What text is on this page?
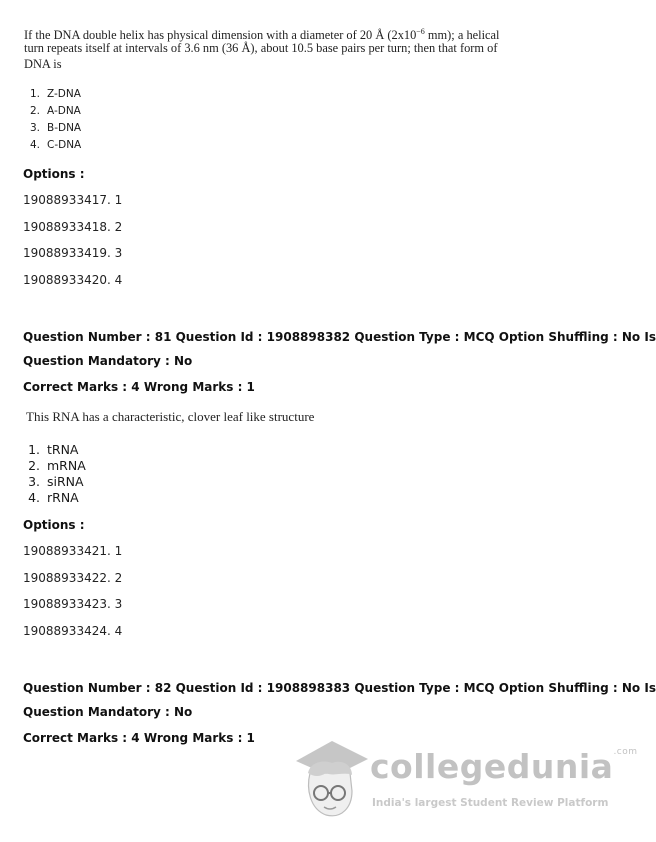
If the DNA double helix has physical dimension with a diameter of 20 Å ($2x10^{-6}$ mm); a helical
turn repeats itself at intervals of 3.6 nm (36 Å), about 10.5 base pairs per turn; then that form of
DNA is
1. Z-DNA
2. A-DNA
3. B-DNA
4. C-DNA
Options :
19088933417. 1
19088933418. 2
19088933419. 3
19088933420. 4
Question Number : 81 Question Id : 1908898382 Question Type : MCQ Option Shuffling : No Is
Question Mandatory : No
Correct Marks : 4 Wrong Marks : 1
This RNA has a characteristic, clover leaf like structure
1. tRNA
2. mRNA
3. siRNA
4. rRNA
Options :
19088933421. 1
19088933422. 2
19088933423. 3
19088933424. 4
Question Number : 82 Question Id : 1908898383 Question Type : MCQ Option Shuffling : No Is
Question Mandatory : No
Correct Marks : 4 Wrong Marks : 1
collegedunia$^{.com}$
India's largest Student Review Platform
